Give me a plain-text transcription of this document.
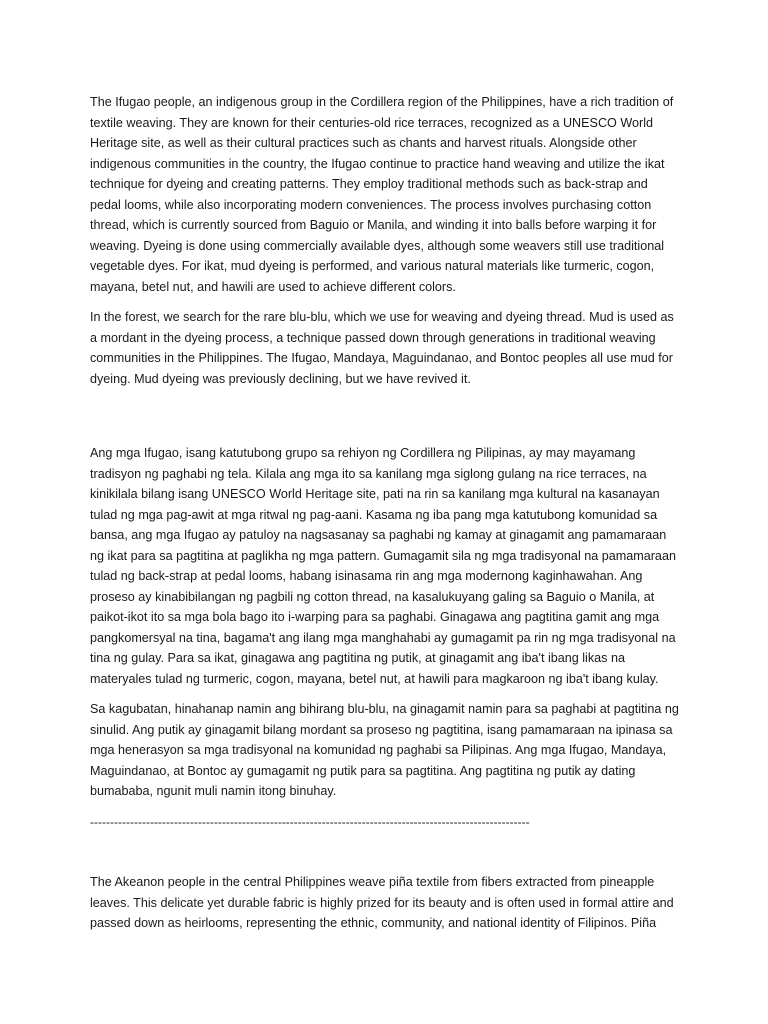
The Ifugao people, an indigenous group in the Cordillera region of the Philippines, have a rich tradition of textile weaving. They are known for their centuries-old rice terraces, recognized as a UNESCO World Heritage site, as well as their cultural practices such as chants and harvest rituals. Alongside other indigenous communities in the country, the Ifugao continue to practice hand weaving and utilize the ikat technique for dyeing and creating patterns. They employ traditional methods such as back-strap and pedal looms, while also incorporating modern conveniences. The process involves purchasing cotton thread, which is currently sourced from Baguio or Manila, and winding it into balls before warping it for weaving. Dyeing is done using commercially available dyes, although some weavers still use traditional vegetable dyes. For ikat, mud dyeing is performed, and various natural materials like turmeric, cogon, mayana, betel nut, and hawili are used to achieve different colors.

In the forest, we search for the rare blu-blu, which we use for weaving and dyeing thread. Mud is used as a mordant in the dyeing process, a technique passed down through generations in traditional weaving communities in the Philippines. The Ifugao, Mandaya, Maguindanao, and Bontoc peoples all use mud for dyeing. Mud dyeing was previously declining, but we have revived it.

Ang mga Ifugao, isang katutubong grupo sa rehiyon ng Cordillera ng Pilipinas, ay may mayamang tradisyon ng paghabi ng tela. Kilala ang mga ito sa kanilang mga siglong gulang na rice terraces, na kinikilala bilang isang UNESCO World Heritage site, pati na rin sa kanilang mga kultural na kasanayan tulad ng mga pag-awit at mga ritwal ng pag-aani. Kasama ng iba pang mga katutubong komunidad sa bansa, ang mga Ifugao ay patuloy na nagsasanay sa paghabi ng kamay at ginagamit ang pamamaraan ng ikat para sa pagtitina at paglikha ng mga pattern. Gumagamit sila ng mga tradisyonal na pamamaraan tulad ng back-strap at pedal looms, habang isinasama rin ang mga modernong kaginhawahan. Ang proseso ay kinabibilangan ng pagbili ng cotton thread, na kasalukuyang galing sa Baguio o Manila, at paikot-ikot ito sa mga bola bago ito i-warping para sa paghabi. Ginagawa ang pagtitina gamit ang mga pangkomersyal na tina, bagama't ang ilang mga manghahabi ay gumagamit pa rin ng mga tradisyonal na tina ng gulay. Para sa ikat, ginagawa ang pagtitina ng putik, at ginagamit ang iba't ibang likas na materyales tulad ng turmeric, cogon, mayana, betel nut, at hawili para magkaroon ng iba't ibang kulay.

Sa kagubatan, hinahanap namin ang bihirang blu-blu, na ginagamit namin para sa paghabi at pagtitina ng sinulid. Ang putik ay ginagamit bilang mordant sa proseso ng pagtitina, isang pamamaraan na ipinasa sa mga henerasyon sa mga tradisyonal na komunidad ng paghabi sa Pilipinas. Ang mga Ifugao, Mandaya, Maguindanao, at Bontoc ay gumagamit ng putik para sa pagtitina. Ang pagtitina ng putik ay dating bumababa, ngunit muli namin itong binuhay.

--------------------------------------------------------------------------------------------------------------

The Akeanon people in the central Philippines weave piña textile from fibers extracted from pineapple leaves. This delicate yet durable fabric is highly prized for its beauty and is often used in formal attire and passed down as heirlooms, representing the ethnic, community, and national identity of Filipinos. Piña
